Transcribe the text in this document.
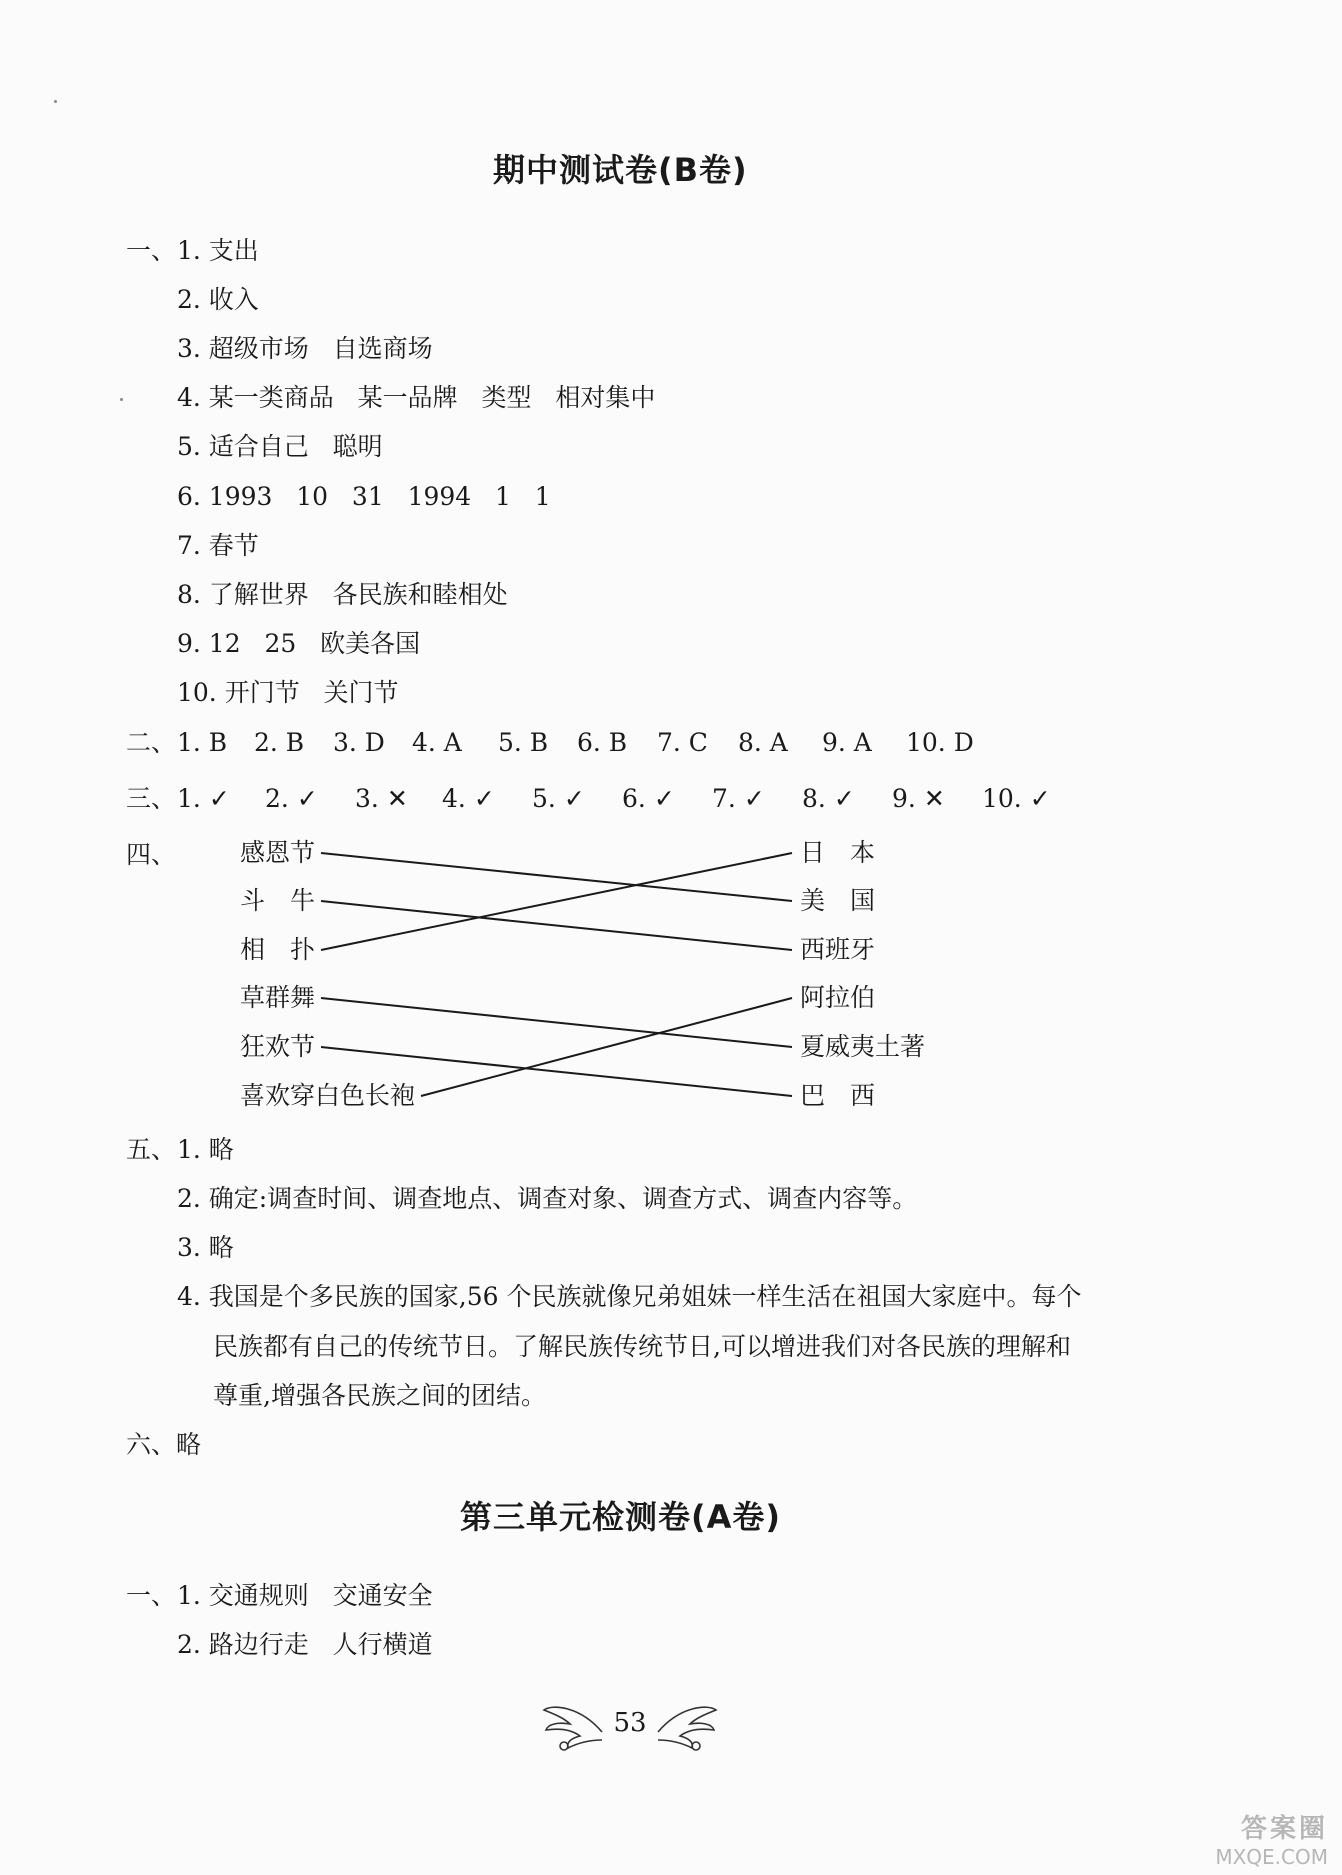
期中测试卷(B卷)
一、 1. 支出
2. 收入
3. 超级市场   自选商场
4. 某一类商品   某一品牌   类型   相对集中
5. 适合自己   聪明
6. 1993   10   31   1994   1   1
7. 春节
8. 了解世界   各民族和睦相处
9. 12   25   欧美各国
10. 开门节   关门节
二、 1. B 2. B 3. D 4. A 5. B 6. B 7. C 8. A 9. A 10. D
三、 1. ✓ 2. ✓ 3. ✕ 4. ✓ 5. ✓ 6. ✓ 7. ✓ 8. ✓ 9. ✕ 10. ✓
四、	感恩节
斗　牛
相　扑
草群舞
狂欢节
喜欢穿白色长袍
日　本
美　国
西班牙
阿拉伯
夏威夷土著
巴　西
五、 1. 略
2. 确定:调查时间、调查地点、调查对象、调查方式、调查内容等。
3. 略
4. 我国是个多民族的国家,56 个民族就像兄弟姐妹一样生活在祖国大家庭中。每个
民族都有自己的传统节日。了解民族传统节日,可以增进我们对各民族的理解和
尊重,增强各民族之间的团结。
六、略
第三单元检测卷(A卷)
一、 1. 交通规则   交通安全
2. 路边行走   人行横道
53
答案圈
MXQE.COM
